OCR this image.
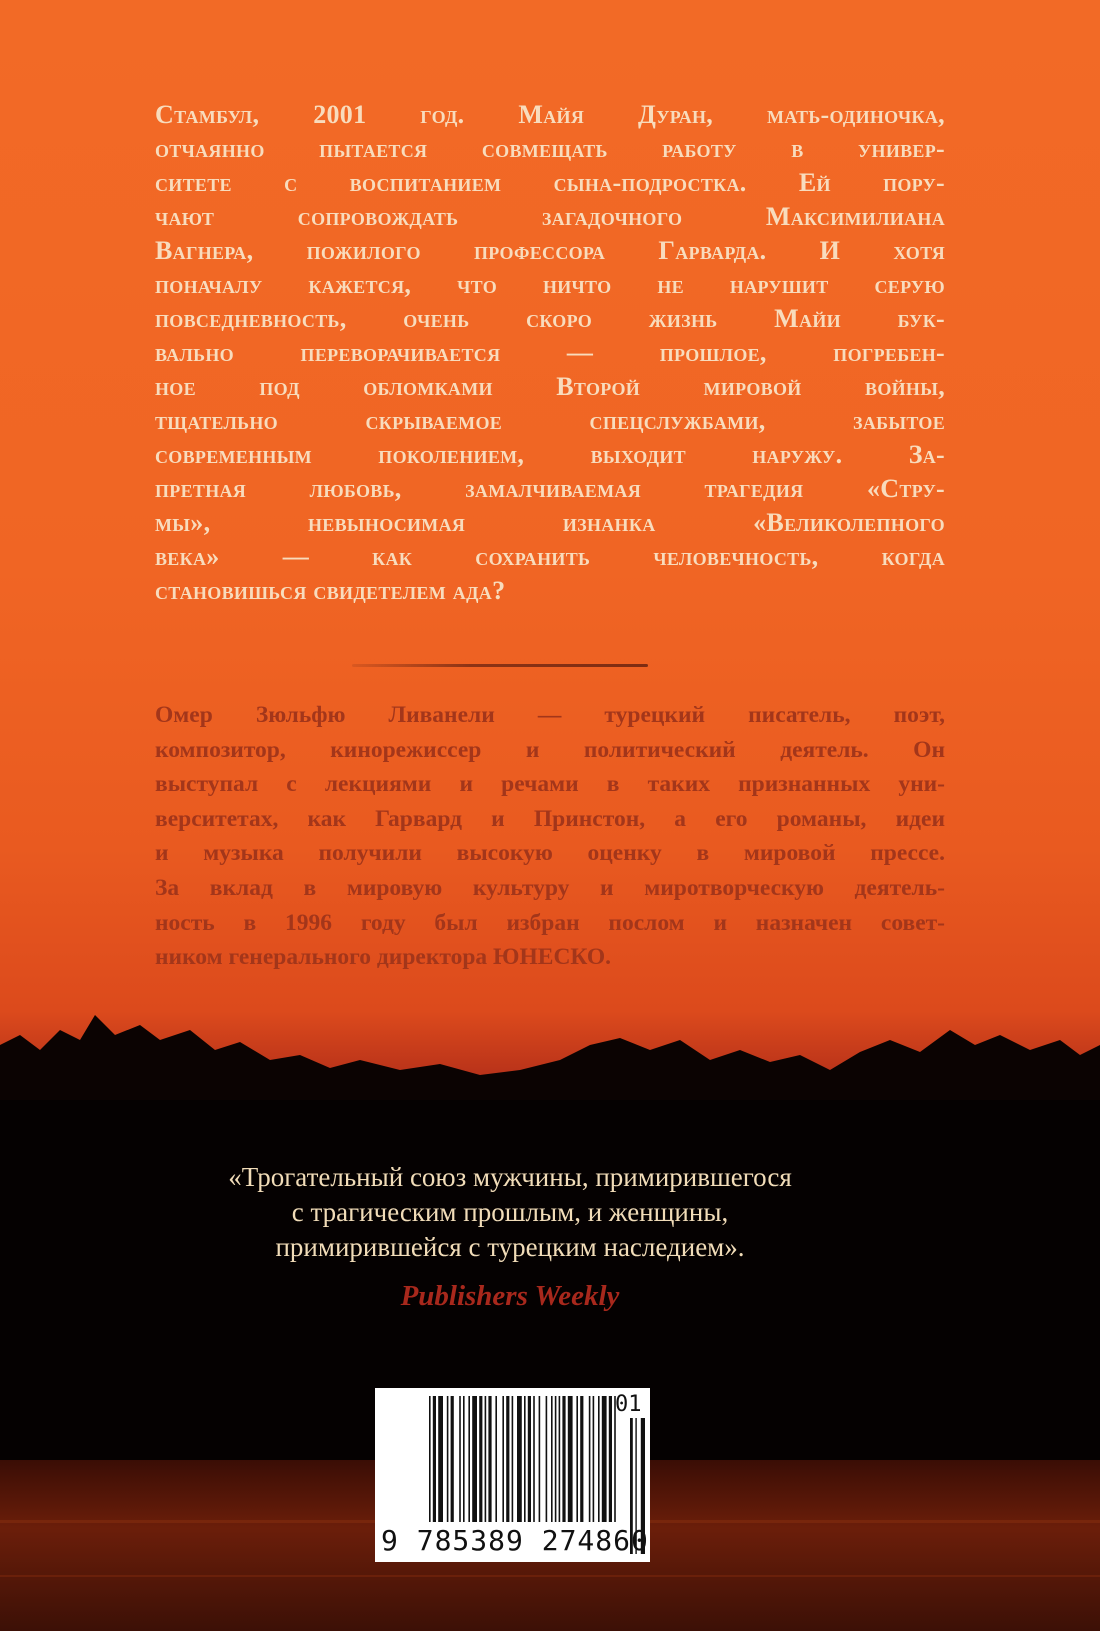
Стамбул, 2001 год. Майя Дуран, мать-одиночка,
отчаянно пытается совмещать работу в универ-
ситете с воспитанием сына-подростка. Ей пору-
чают сопровождать загадочного Максимилиана
Вагнера, пожилого профессора Гарварда. И хотя
поначалу кажется, что ничто не нарушит серую
повседневность, очень скоро жизнь Майи бук-
вально переворачивается — прошлое, погребен-
ное под обломками Второй мировой войны,
тщательно скрываемое спецслужбами, забытое
современным поколением, выходит наружу. За-
претная любовь, замалчиваемая трагедия «Стру-
мы», невыносимая изнанка «Великолепного
века» — как сохранить человечность, когда
становишься свидетелем ада?
Омер Зюльфю Ливанели — турецкий писатель, поэт,
композитор, кинорежиссер и политический деятель. Он
выступал с лекциями и речами в таких признанных уни-
верситетах, как Гарвард и Принстон, а его романы, идеи
и музыка получили высокую оценку в мировой прессе.
За вклад в мировую культуру и миротворческую деятель-
ность в 1996 году был избран послом и назначен совет-
ником генерального директора ЮНЕСКО.
«Трогательный союз мужчины, примирившегося
с трагическим прошлым, и женщины,
примирившейся с турецким наследием».
Publishers Weekly
9 785389 274860
01
